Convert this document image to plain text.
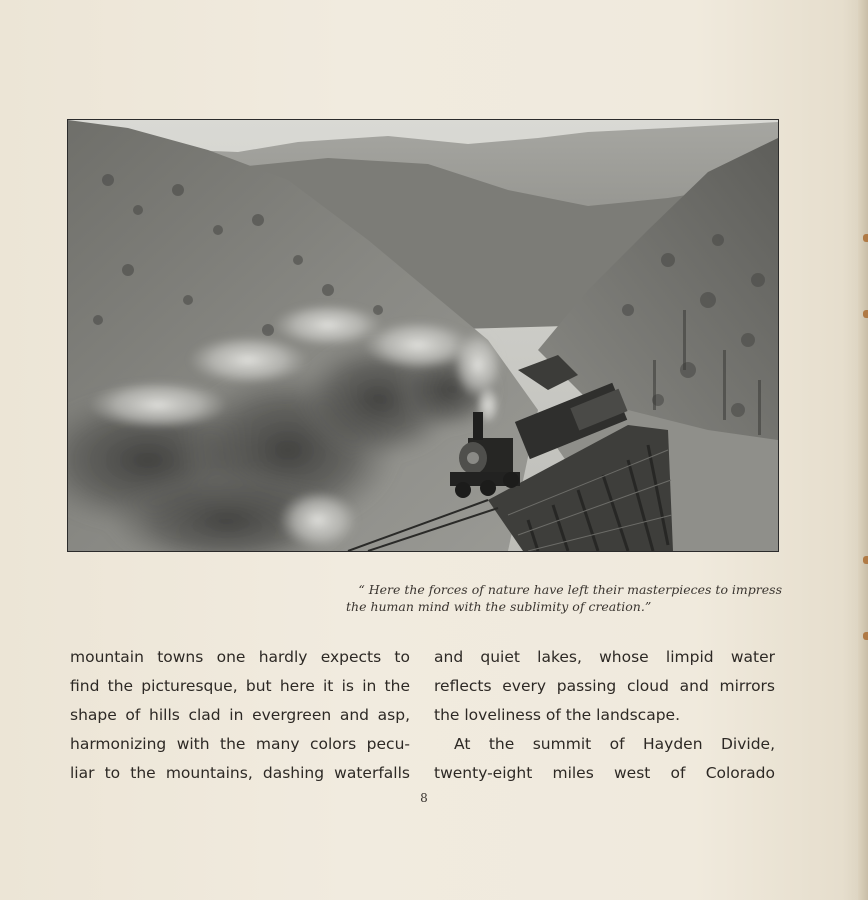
“ Here the forces of nature have left their masterpieces to impress
the human mind with the sublimity of creation.”
mountain towns one hardly expects to
find the picturesque, but here it is in the
shape of hills clad in evergreen and asp,
harmonizing with the many colors pecu-
liar to the mountains, dashing waterfalls
and quiet lakes, whose limpid water
reflects every passing cloud and mirrors
the loveliness of the landscape.
At the summit of Hayden Divide,
twenty-eight miles west of Colorado
8
